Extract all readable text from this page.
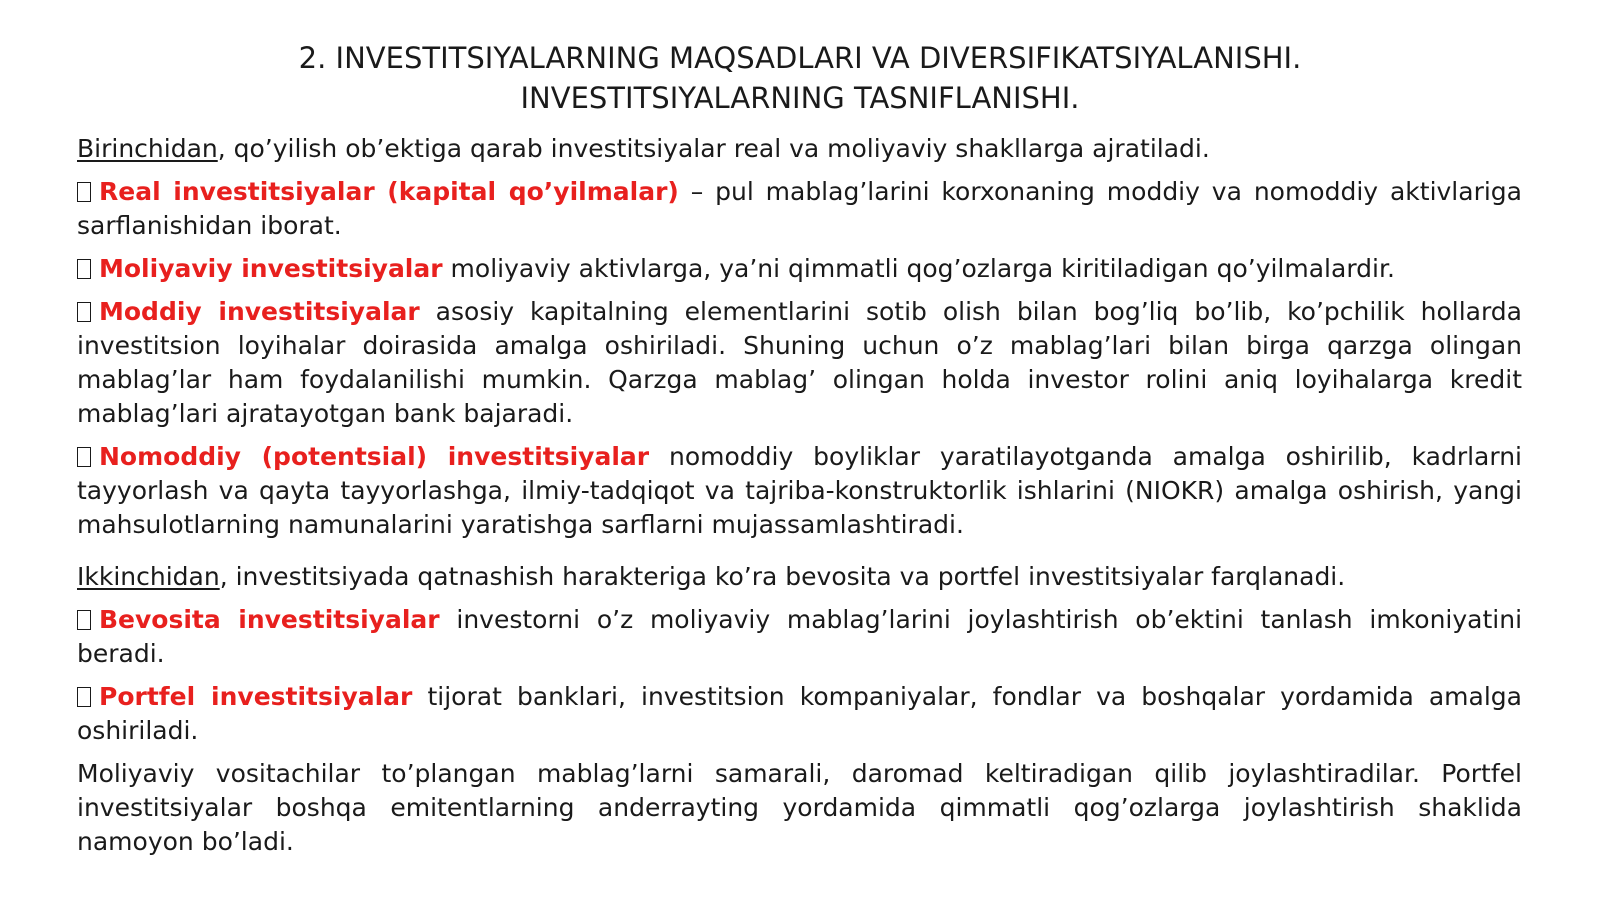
2. INVESTITSIYALARNING MAQSADLARI VA DIVERSIFIKATSIYALANISHI.
INVESTITSIYALARNING TASNIFLANISHI.

Birinchidan, qo’yilish ob’ektiga qarab investitsiyalar real va moliyaviy shakllarga ajratiladi.

Real investitsiyalar (kapital qo’yilmalar) – pul mablag’larini korxonaning moddiy va nomoddiy aktivlariga sarflanishidan iborat.

Moliyaviy investitsiyalar moliyaviy aktivlarga, ya’ni qimmatli qog’ozlarga kiritiladigan qo’yilmalardir.

Moddiy investitsiyalar asosiy kapitalning elementlarini sotib olish bilan bog’liq bo’lib, ko’pchilik hollarda investitsion loyihalar doirasida amalga oshiriladi. Shuning uchun o’z mablag’lari bilan birga qarzga olingan mablag’lar ham foydalanilishi mumkin. Qarzga mablag’ olingan holda investor rolini aniq loyihalarga kredit mablag’lari ajratayotgan bank bajaradi.

Nomoddiy (potentsial) investitsiyalar nomoddiy boyliklar yaratilayotganda amalga oshirilib, kadrlarni tayyorlash va qayta tayyorlashga, ilmiy-tadqiqot va tajriba-konstruktorlik ishlarini (NIOKR) amalga oshirish, yangi mahsulotlarning namunalarini yaratishga sarflarni mujassamlashtiradi.

Ikkinchidan, investitsiyada qatnashish harakteriga ko’ra bevosita va portfel investitsiyalar farqlanadi.

Bevosita investitsiyalar investorni o’z moliyaviy mablag’larini joylashtirish ob’ektini tanlash imkoniyatini beradi.

Portfel investitsiyalar tijorat banklari, investitsion kompaniyalar, fondlar va boshqalar yordamida amalga oshiriladi.

Moliyaviy vositachilar to’plangan mablag’larni samarali, daromad keltiradigan qilib joylashtiradilar. Portfel investitsiyalar boshqa emitentlarning anderrayting yordamida qimmatli qog’ozlarga joylashtirish shaklida namoyon bo’ladi.
